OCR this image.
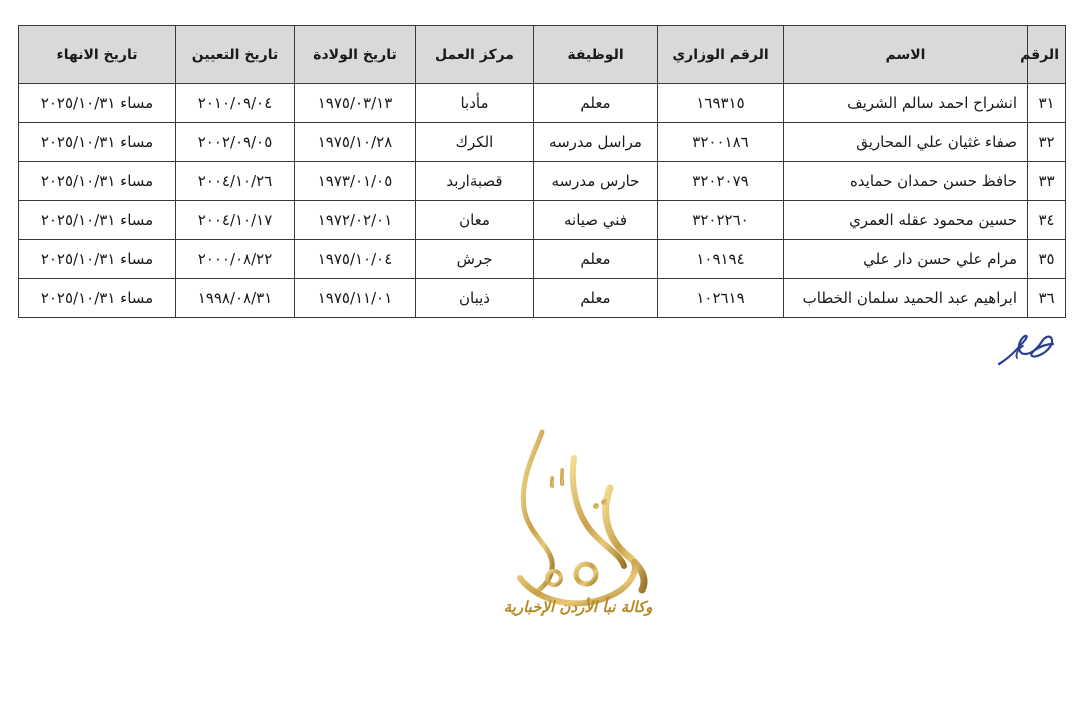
الرقم	الاسم	الرقم الوزاري	الوظيفة	مركز العمل	تاريخ الولادة	تاريخ التعيين	تاريخ الانهاء
٣١	انشراح احمد سالم الشريف	١٦٩٣١٥	معلم	مأدبا	١٩٧٥/٠٣/١٣	٢٠١٠/٠٩/٠٤	مساء ٢٠٢٥/١٠/٣١
٣٢	صفاء غثيان علي المحاريق	٣٢٠٠١٨٦	مراسل مدرسه	الكرك	١٩٧٥/١٠/٢٨	٢٠٠٢/٠٩/٠٥	مساء ٢٠٢٥/١٠/٣١
٣٣	حافظ حسن حمدان حمايده	٣٢٠٢٠٧٩	حارس مدرسه	قصبةاربد	١٩٧٣/٠١/٠٥	٢٠٠٤/١٠/٢٦	مساء ٢٠٢٥/١٠/٣١
٣٤	حسين محمود عقله العمري	٣٢٠٢٢٦٠	فني صيانه	معان	١٩٧٢/٠٢/٠١	٢٠٠٤/١٠/١٧	مساء ٢٠٢٥/١٠/٣١
٣٥	مرام علي حسن دار علي	١٠٩١٩٤	معلم	جرش	١٩٧٥/١٠/٠٤	٢٠٠٠/٠٨/٢٢	مساء ٢٠٢٥/١٠/٣١
٣٦	ابراهيم عبد الحميد سلمان الخطاب	١٠٢٦١٩	معلم	ذيبان	١٩٧٥/١١/٠١	١٩٩٨/٠٨/٣١	مساء ٢٠٢٥/١٠/٣١
وكالة نبأ الأردن الإخبارية
